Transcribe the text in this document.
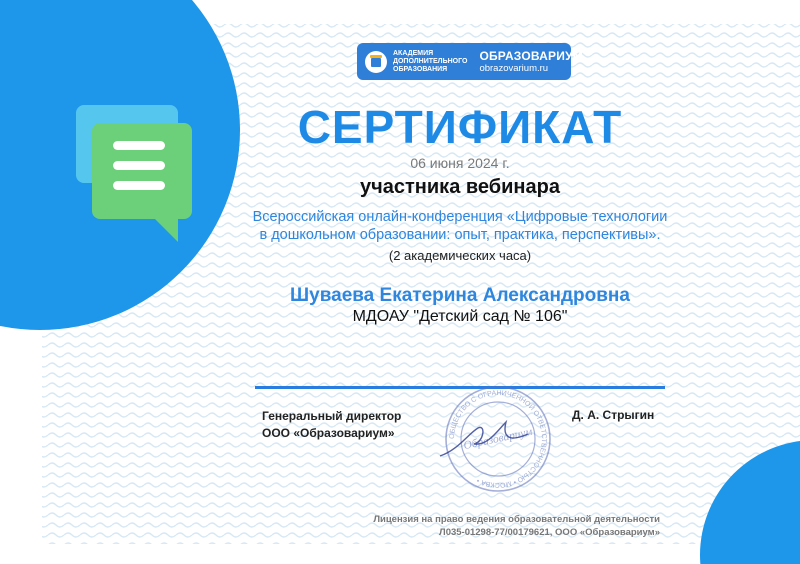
АКАДЕМИЯ ДОПОЛНИТЕЛЬНОГО ОБРАЗОВАНИЯ
ОБРАЗОВАРИУМ
obrazovarium.ru
СЕРТИФИКАТ
06 июня 2024 г.
участника вебинара
Всероссийская онлайн-конференция «Цифровые технологии
в дошкольном образовании: опыт, практика, перспективы».
(2 академических часа)
Шуваева Екатерина Александровна
МДОАУ "Детский сад № 106"
Генеральный директор
ООО «Образовариум»
Д. А. Стрыгин
ОБЩЕСТВО С ОГРАНИЧЕННОЙ ОТВЕТСТВЕННОСТЬЮ • МОСКВА •
Образовариум
Лицензия на право ведения образовательной деятельности
Л035-01298-77/00179621, ООО «Образовариум»
